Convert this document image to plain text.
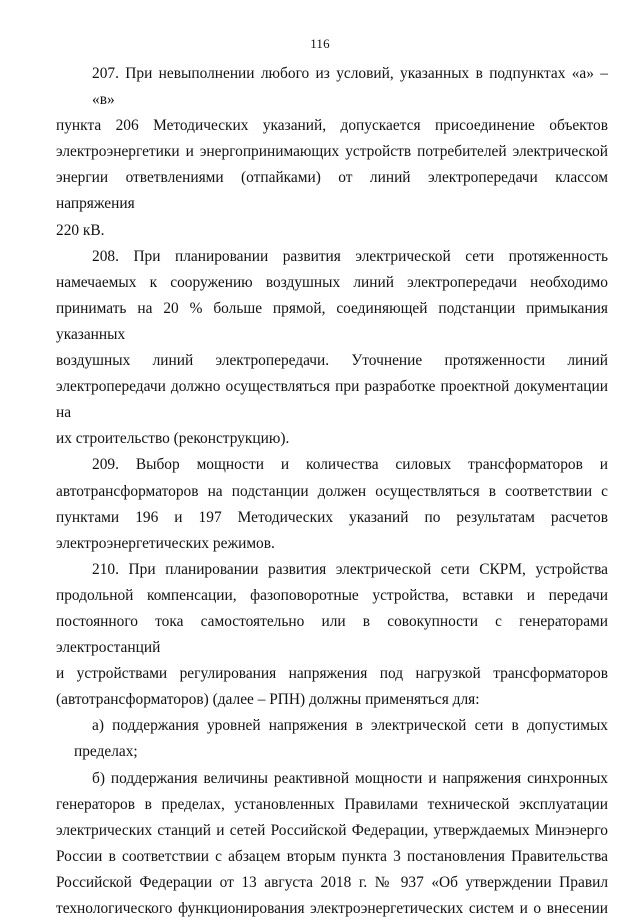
116
207. При невыполнении любого из условий, указанных в подпунктах «а» – «в»
пункта 206 Методических указаний, допускается присоединение объектов
электроэнергетики и энергопринимающих устройств потребителей электрической
энергии ответвлениями (отпайками) от линий электропередачи классом напряжения
220 кВ.
208. При планировании развития электрической сети протяженность
намечаемых к сооружению воздушных линий электропередачи необходимо
принимать на 20 % больше прямой, соединяющей подстанции примыкания указанных
воздушных линий электропередачи. Уточнение протяженности линий
электропередачи должно осуществляться при разработке проектной документации на
их строительство (реконструкцию).
209. Выбор мощности и количества силовых трансформаторов и
автотрансформаторов на подстанции должен осуществляться в соответствии с
пунктами 196 и 197 Методических указаний по результатам расчетов
электроэнергетических режимов.
210. При планировании развития электрической сети СКРМ, устройства
продольной компенсации, фазоповоротные устройства, вставки и передачи
постоянного тока самостоятельно или в совокупности с генераторами электростанций
и устройствами регулирования напряжения под нагрузкой трансформаторов
(автотрансформаторов) (далее – РПН) должны применяться для:
а) поддержания уровней напряжения в электрической сети в допустимых
пределах;
б) поддержания величины реактивной мощности и напряжения синхронных
генераторов в пределах, установленных Правилами технической эксплуатации
электрических станций и сетей Российской Федерации, утверждаемых Минэнерго
России в соответствии с абзацем вторым пункта 3 постановления Правительства
Российской Федерации от 13 августа 2018 г. № 937 «Об утверждении Правил
технологического функционирования электроэнергетических систем и о внесении
